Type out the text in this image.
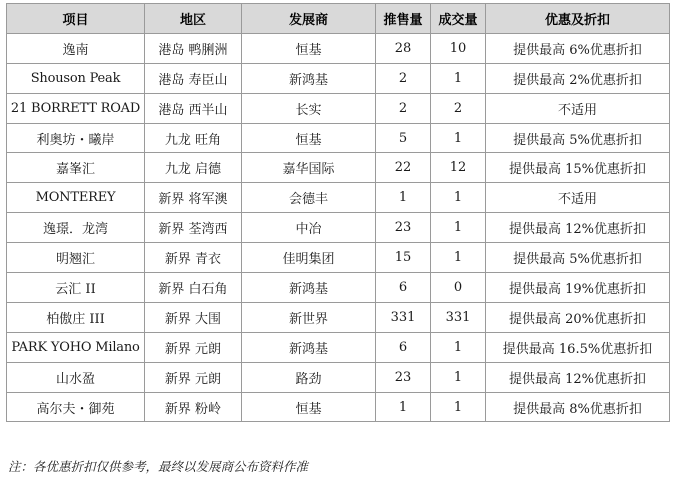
项目	地区	发展商	推售量	成交量	优惠及折扣
逸南	港岛 鸭脷洲	恒基	28	10	提供最高 6%优惠折扣
Shouson Peak	港岛 寿臣山	新鸿基	2	1	提供最高 2%优惠折扣
21 BORRETT ROAD	港岛 西半山	长实	2	2	不适用
利奥坊・曦岸	九龙 旺角	恒基	5	1	提供最高 5%优惠折扣
嘉峯汇	九龙 启德	嘉华国际	22	12	提供最高 15%优惠折扣
MONTEREY	新界 将军澳	会德丰	1	1	不适用
逸璟．龙湾	新界 荃湾西	中冶	23	1	提供最高 12%优惠折扣
明翘汇	新界 青衣	佳明集团	15	1	提供最高 5%优惠折扣
云汇 II	新界 白石角	新鸿基	6	0	提供最高 19%优惠折扣
柏傲庄 III	新界 大围	新世界	331	331	提供最高 20%优惠折扣
PARK YOHO Milano	新界 元朗	新鸿基	6	1	提供最高 16.5%优惠折扣
山水盈	新界 元朗	路劲	23	1	提供最高 12%优惠折扣
高尔夫・御苑	新界 粉岭	恒基	1	1	提供最高 8%优惠折扣
注：各优惠折扣仅供参考，最终以发展商公布资料作准
